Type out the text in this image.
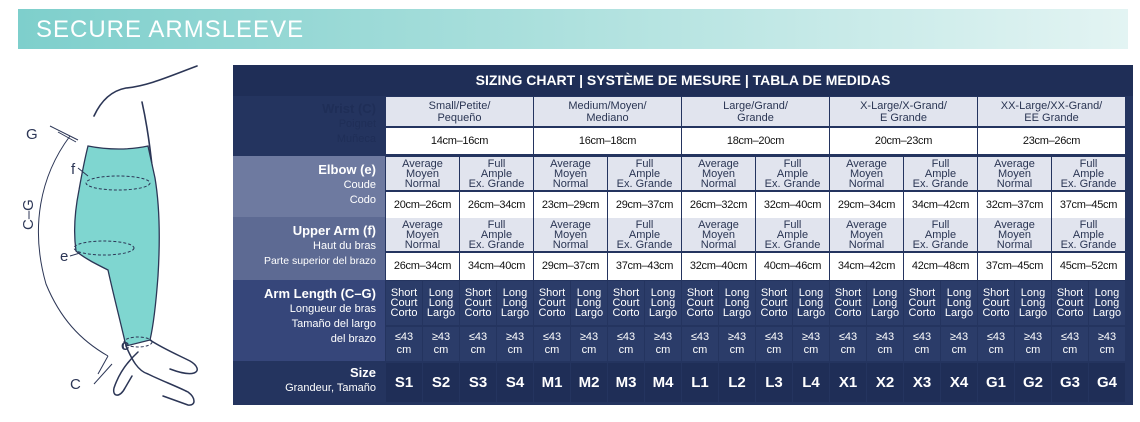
SECURE ARMSLEEVE
G
f
C–G
e
c
C
SIZING CHART | SYSTÈME DE MESURE | TABLA DE MEDIDAS
Wrist (C)
Poignet
Muñeca
Elbow (e)
Coude
Codo
Upper Arm (f)
Haut du bras
Parte superior del brazo
Arm Length (C–G)
Longueur de bras
Tamaño del largo
del brazo
Size
Grandeur, Tamaño
Small/Petite/
Pequeño
14cm–16cm
Average
Moyen
Normal
20cm–26cm
Average
Moyen
Normal
26cm–34cm
Short
Court
Corto
≤43
cm
S1
Long
Long
Largo
≥43
cm
S2
Full
Ample
Ex. Grande
26cm–34cm
Full
Ample
Ex. Grande
34cm–40cm
Short
Court
Corto
≤43
cm
S3
Long
Long
Largo
≥43
cm
S4
Medium/Moyen/
Mediano
16cm–18cm
Average
Moyen
Normal
23cm–29cm
Average
Moyen
Normal
29cm–37cm
Short
Court
Corto
≤43
cm
M1
Long
Long
Largo
≥43
cm
M2
Full
Ample
Ex. Grande
29cm–37cm
Full
Ample
Ex. Grande
37cm–43cm
Short
Court
Corto
≤43
cm
M3
Long
Long
Largo
≥43
cm
M4
Large/Grand/
Grande
18cm–20cm
Average
Moyen
Normal
26cm–32cm
Average
Moyen
Normal
32cm–40cm
Short
Court
Corto
≤43
cm
L1
Long
Long
Largo
≥43
cm
L2
Full
Ample
Ex. Grande
32cm–40cm
Full
Ample
Ex. Grande
40cm–46cm
Short
Court
Corto
≤43
cm
L3
Long
Long
Largo
≥43
cm
L4
X-Large/X-Grand/
E Grande
20cm–23cm
Average
Moyen
Normal
29cm–34cm
Average
Moyen
Normal
34cm–42cm
Short
Court
Corto
≤43
cm
X1
Long
Long
Largo
≥43
cm
X2
Full
Ample
Ex. Grande
34cm–42cm
Full
Ample
Ex. Grande
42cm–48cm
Short
Court
Corto
≤43
cm
X3
Long
Long
Largo
≥43
cm
X4
XX-Large/XX-Grand/
EE Grande
23cm–26cm
Average
Moyen
Normal
32cm–37cm
Average
Moyen
Normal
37cm–45cm
Short
Court
Corto
≤43
cm
G1
Long
Long
Largo
≥43
cm
G2
Full
Ample
Ex. Grande
37cm–45cm
Full
Ample
Ex. Grande
45cm–52cm
Short
Court
Corto
≤43
cm
G3
Long
Long
Largo
≥43
cm
G4
